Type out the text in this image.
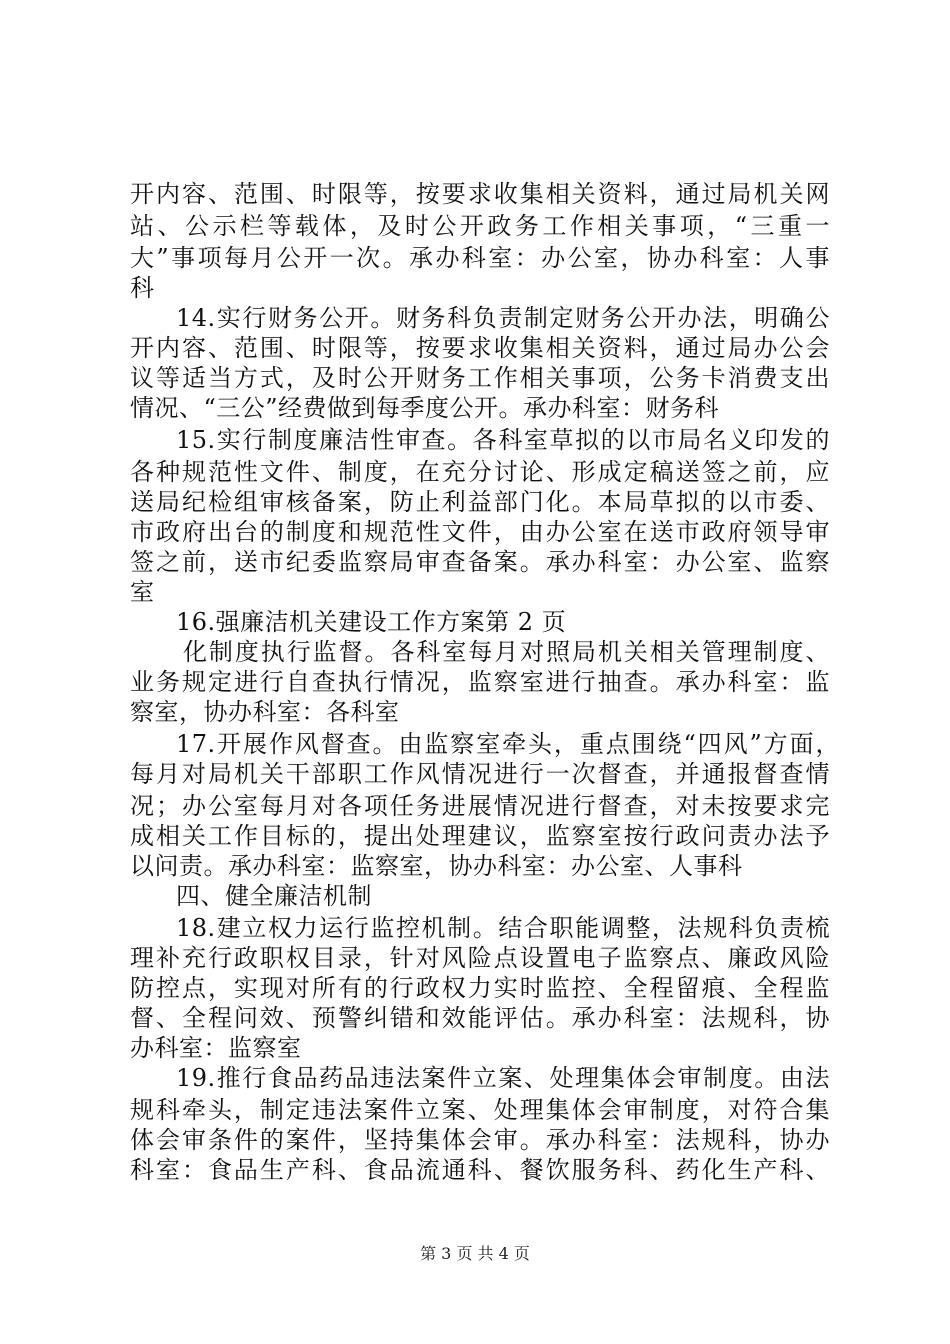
开内容、范围、时限等，按要求收集相关资料，通过局机关网
站、公示栏等载体，及时公开政务工作相关事项，“三重一
大”事项每月公开一次。承办科室：办公室，协办科室：人事
科
14.实行财务公开。财务科负责制定财务公开办法，明确公
开内容、范围、时限等，按要求收集相关资料，通过局办公会
议等适当方式，及时公开财务工作相关事项，公务卡消费支出
情况、“三公”经费做到每季度公开。承办科室：财务科
15.实行制度廉洁性审查。各科室草拟的以市局名义印发的
各种规范性文件、制度，在充分讨论、形成定稿送签之前，应
送局纪检组审核备案，防止利益部门化。本局草拟的以市委、
市政府出台的制度和规范性文件，由办公室在送市政府领导审
签之前，送市纪委监察局审查备案。承办科室：办公室、监察
室
16.强廉洁机关建设工作方案第 2 页
化制度执行监督。各科室每月对照局机关相关管理制度、
业务规定进行自查执行情况，监察室进行抽查。承办科室：监
察室，协办科室：各科室
17.开展作风督查。由监察室牵头，重点围绕“四风”方面，
每月对局机关干部职工作风情况进行一次督查，并通报督查情
况；办公室每月对各项任务进展情况进行督查，对未按要求完
成相关工作目标的，提出处理建议，监察室按行政问责办法予
以问责。承办科室：监察室，协办科室：办公室、人事科
四、健全廉洁机制
18.建立权力运行监控机制。结合职能调整，法规科负责梳
理补充行政职权目录，针对风险点设置电子监察点、廉政风险
防控点，实现对所有的行政权力实时监控、全程留痕、全程监
督、全程问效、预警纠错和效能评估。承办科室：法规科，协
办科室：监察室
19.推行食品药品违法案件立案、处理集体会审制度。由法
规科牵头，制定违法案件立案、处理集体会审制度，对符合集
体会审条件的案件，坚持集体会审。承办科室：法规科，协办
科室：食品生产科、食品流通科、餐饮服务科、药化生产科、
第 3 页 共 4 页
